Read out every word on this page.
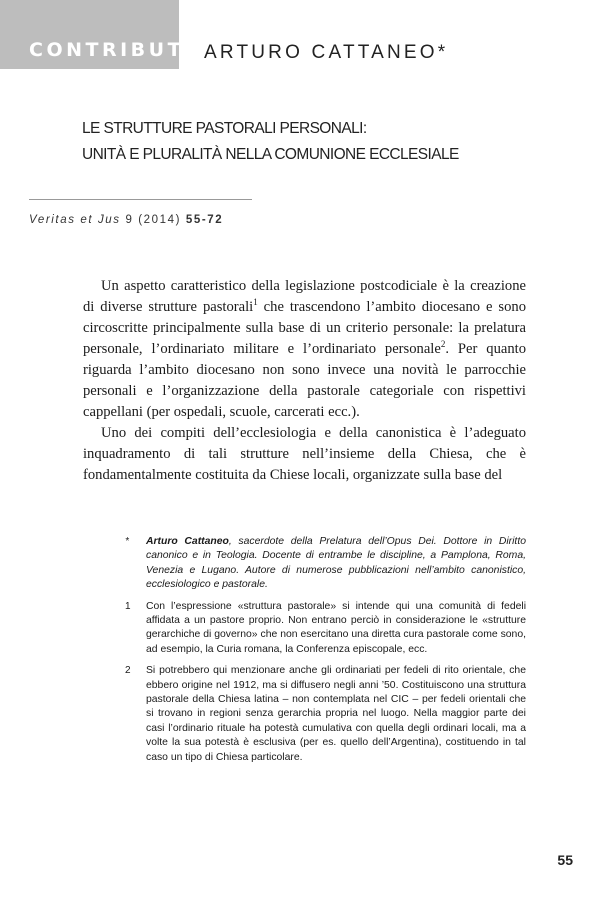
CONTRIBUTI ARTURO CATTANEO*
LE STRUTTURE PASTORALI PERSONALI:
UNITÀ E PLURALITÀ NELLA COMUNIONE ECCLESIALE
Veritas et Jus 9 (2014) 55-72

Un aspetto caratteristico della legislazione postcodiciale è la creazione di diverse strutture pastorali$^1$ che trascendono l’ambito diocesano e sono circoscritte principalmente sulla base di un criterio personale: la prelatura personale, l’ordinariato militare e l’ordinariato personale$^2$. Per quanto riguarda l’ambito diocesano non sono invece una novità le parrocchie personali e l’organizzazione della pastorale categoriale con rispettivi cappellani (per ospedali, scuole, carcerati ecc.).

Uno dei compiti dell’ecclesiologia e della canonistica è l’adeguato inquadramento di tali strutture nell’insieme della Chiesa, che è fondamentalmente costituita da Chiese locali, organizzate sulla base del

* Arturo Cattaneo, sacerdote della Prelatura dell’Opus Dei. Dottore in Diritto canonico e in Teologia. Docente di entrambe le discipline, a Pamplona, Roma, Venezia e Lugano. Autore di numerose pubblicazioni nell’ambito canonistico, ecclesiologico e pastorale.
1 Con l’espressione «struttura pastorale» si intende qui una comunità di fedeli affidata a un pastore proprio. Non entrano perciò in considerazione le «strutture gerarchiche di governo» che non esercitano una diretta cura pastorale come sono, ad esempio, la Curia romana, la Conferenza episcopale, ecc.
2 Si potrebbero qui menzionare anche gli ordinariati per fedeli di rito orientale, che ebbero origine nel 1912, ma si diffusero negli anni ’50. Costituiscono una struttura pastorale della Chiesa latina – non contemplata nel CIC – per fedeli orientali che si trovano in regioni senza gerarchia propria nel luogo. Nella maggior parte dei casi l’ordinario rituale ha potestà cumulativa con quella degli ordinari locali, ma a volte la sua potestà è esclusiva (per es. quello dell’Argentina), costituendo in tal caso un tipo di Chiesa particolare.
55
